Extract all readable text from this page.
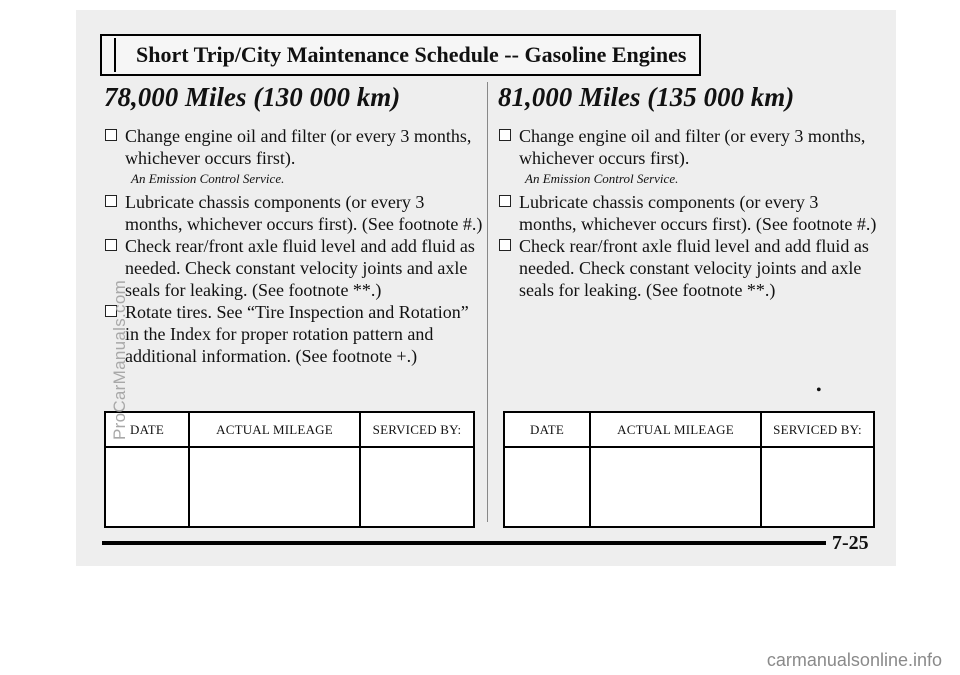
Short Trip/City Maintenance Schedule -- Gasoline Engines
78,000 Miles (130 000 km)
Change engine oil and filter (or every 3 months, whichever occurs first).
An Emission Control Service.
Lubricate chassis components (or every 3 months, whichever occurs first). (See footnote #.)
Check rear/front axle fluid level and add fluid as needed. Check constant velocity joints and axle seals for leaking. (See footnote **.)
Rotate tires. See “Tire Inspection and Rotation” in the Index for proper rotation pattern and additional information. (See footnote +.)
81,000 Miles (135 000 km)
Change engine oil and filter (or every 3 months, whichever occurs first).
An Emission Control Service.
Lubricate chassis components (or every 3 months, whichever occurs first). (See footnote #.)
Check rear/front axle fluid level and add fluid as needed. Check constant velocity joints and axle seals for leaking. (See footnote **.)
•
DATE	ACTUAL MILEAGE	SERVICED BY:
			DATE	ACTUAL MILEAGE	SERVICED BY:

7-25
ProCarManuals.com
carmanualsonline.info
